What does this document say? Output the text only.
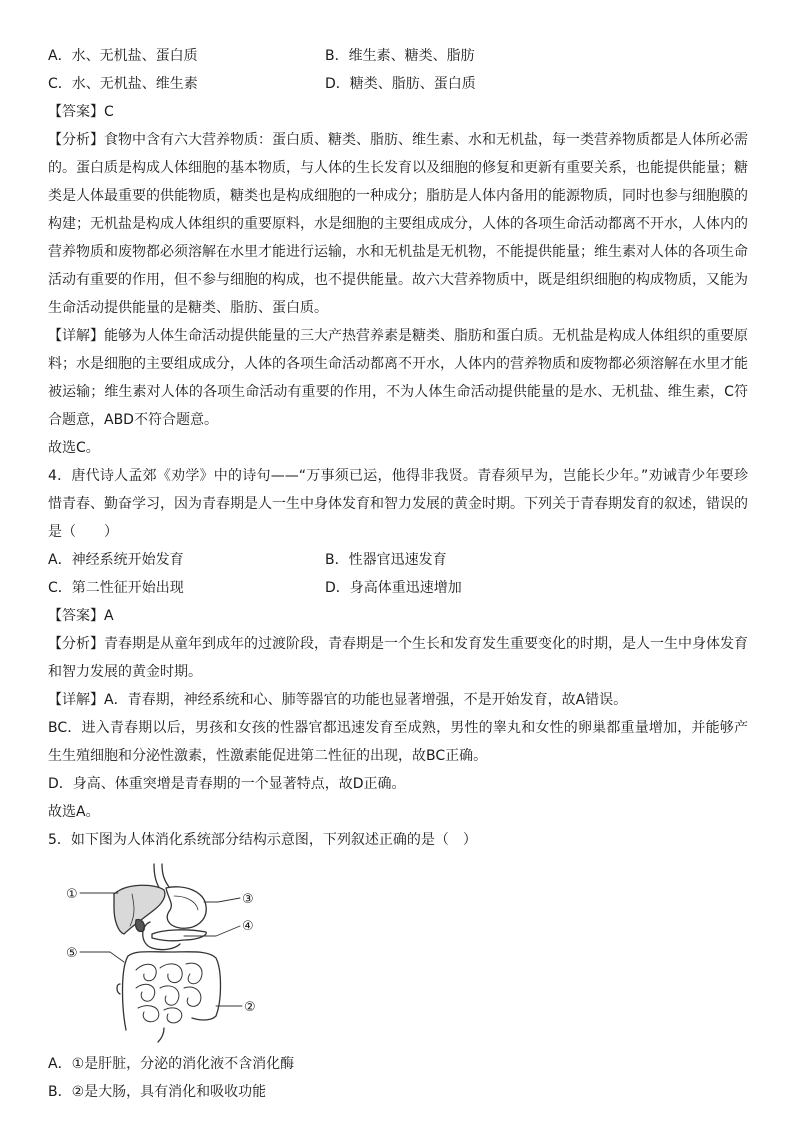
A．水、无机盐、蛋白质	B．维生素、糖类、脂肪
C．水、无机盐、维生素	D．糖类、脂肪、蛋白质
【答案】C
【分析】食物中含有六大营养物质：蛋白质、糖类、脂肪、维生素、水和无机盐，每一类营养物质都是人体所必需的。蛋白质是构成人体细胞的基本物质，与人体的生长发育以及细胞的修复和更新有重要关系，也能提供能量；糖类是人体最重要的供能物质，糖类也是构成细胞的一种成分；脂肪是人体内备用的能源物质，同时也参与细胞膜的构建；无机盐是构成人体组织的重要原料，水是细胞的主要组成成分，人体的各项生命活动都离不开水，人体内的营养物质和废物都必须溶解在水里才能进行运输，水和无机盐是无机物，不能提供能量；维生素对人体的各项生命活动有重要的作用，但不参与细胞的构成，也不提供能量。故六大营养物质中，既是组织细胞的构成物质，又能为生命活动提供能量的是糖类、脂肪、蛋白质。
【详解】能够为人体生命活动提供能量的三大产热营养素是糖类、脂肪和蛋白质。无机盐是构成人体组织的重要原料；水是细胞的主要组成成分，人体的各项生命活动都离不开水，人体内的营养物质和废物都必须溶解在水里才能被运输；维生素对人体的各项生命活动有重要的作用，不为人体生命活动提供能量的是水、无机盐、维生素，C符合题意，ABD不符合题意。
故选C。
4．唐代诗人孟郊《劝学》中的诗句——“万事须已运，他得非我贤。青春须早为，岂能长少年。”劝诫青少年要珍惜青春、勤奋学习，因为青春期是人一生中身体发育和智力发展的黄金时期。下列关于青春期发育的叙述，错误的是（　　）
A．神经系统开始发育	B．性器官迅速发育
C．第二性征开始出现	D．身高体重迅速增加
【答案】A
【分析】青春期是从童年到成年的过渡阶段，青春期是一个生长和发育发生重要变化的时期，是人一生中身体发育和智力发展的黄金时期。
【详解】A．青春期，神经系统和心、肺等器官的功能也显著增强，不是开始发育，故A错误。
BC．进入青春期以后，男孩和女孩的性器官都迅速发育至成熟，男性的睾丸和女性的卵巢都重量增加，并能够产生生殖细胞和分泌性激素，性激素能促进第二性征的出现，故BC正确。
D．身高、体重突增是青春期的一个显著特点，故D正确。
故选A。
5．如下图为人体消化系统部分结构示意图，下列叙述正确的是（　）
①	③
④
⑤
②
A．①是肝脏，分泌的消化液不含消化酶
B．②是大肠，具有消化和吸收功能
